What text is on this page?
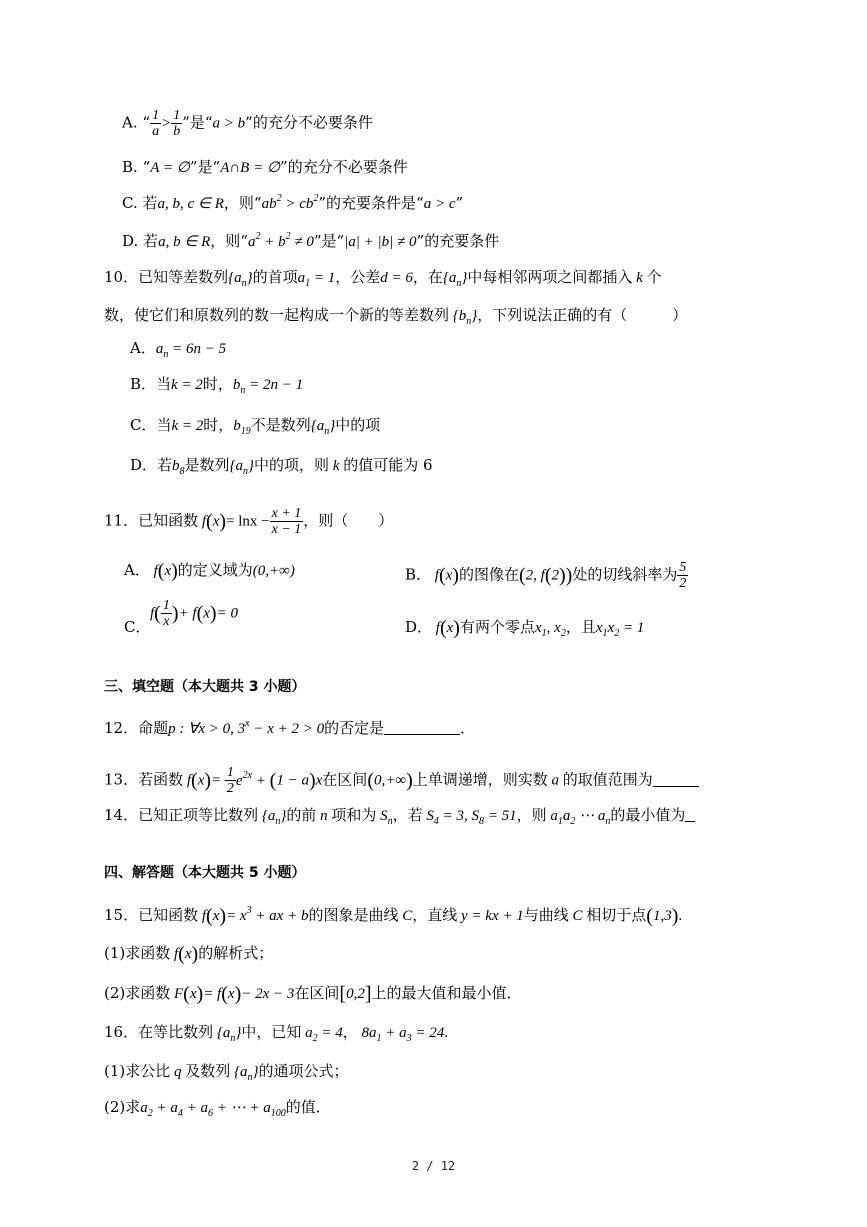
A. “ $\frac{1}{a} > \frac{1}{b}$ ”是“a > b”的充分不必要条件
B. “A = ∅”是“A∩B = ∅”的充分不必要条件
C. 若a, b, c ∈ R，则“$ab^2 > cb^2$”的充要条件是“a > c”
D. 若a, b ∈ R，则“$a^2 + b^2 \ne 0$”是“|a| + |b| ≠ 0”的充要条件
10．已知等差数列$\{a_n\}$的首项$a_1 = 1$，公差d = 6，在$\{a_n\}$中每相邻两项之间都插入 k 个
数，使它们和原数列的数一起构成一个新的等差数列 $\{b_n\}$，下列说法正确的有（　　　）
A．$a_n = 6n - 5$
B．当k = 2时，$b_n = 2n - 1$
C．当k = 2时，$b_{19}$不是数列$\{a_n\}$中的项
D．若$b_8$是数列$\{a_n\}$中的项，则 k 的值可能为 6
11．已知函数 $f(x)= \ln x - \frac{x + 1}{x - 1}$ ，则（　　）
A． f(x)的定义域为(0,+∞)	B． f(x)的图像在(2, f(2))处的切线斜率为 $\frac{5}{2}$
C．
$f( \frac{1}{x}$ )+ f(x)= 0
D． f(x)有两个零点$x_1$, $x_2$，且$x_1x_2 = 1$
三、填空题（本大题共 3 小题）
12．命题p : ∀x > 0, $3^x - x + 2 > 0$的否定是	．
13．若函数 $f(x)= \frac{1}{2} e^{2x} + (1 - a)x$在区间(0,+∞)上单调递增，则实数 a 的取值范围为
14．已知正项等比数列 $\{a_n\}$的前 n 项和为 $S_n$，若 $S_4 = 3$, $S_8 = 51$，则 $a_1a_2$ ⋯ $a_n$的最小值为
四、解答题（本大题共 5 小题）
15．已知函数 $f(x)= x^3$ + ax + b的图象是曲线 C，直线 y = kx + 1与曲线 C 相切于点(1,3).
(1)求函数 f(x)的解析式；
(2)求函数 F(x)= f(x)− 2x − 3在区间[0,2]上的最大值和最小值．
16．在等比数列 $\{a_n\}$中，已知 $a_2 = 4$， $8a_1 + a_3 = 24$.
(1)求公比 q 及数列 $\{a_n\}$的通项公式；
(2)求$a_2 + a_4 + a_6$ + ⋯ + $a_{100}$的值．
2 / 12
